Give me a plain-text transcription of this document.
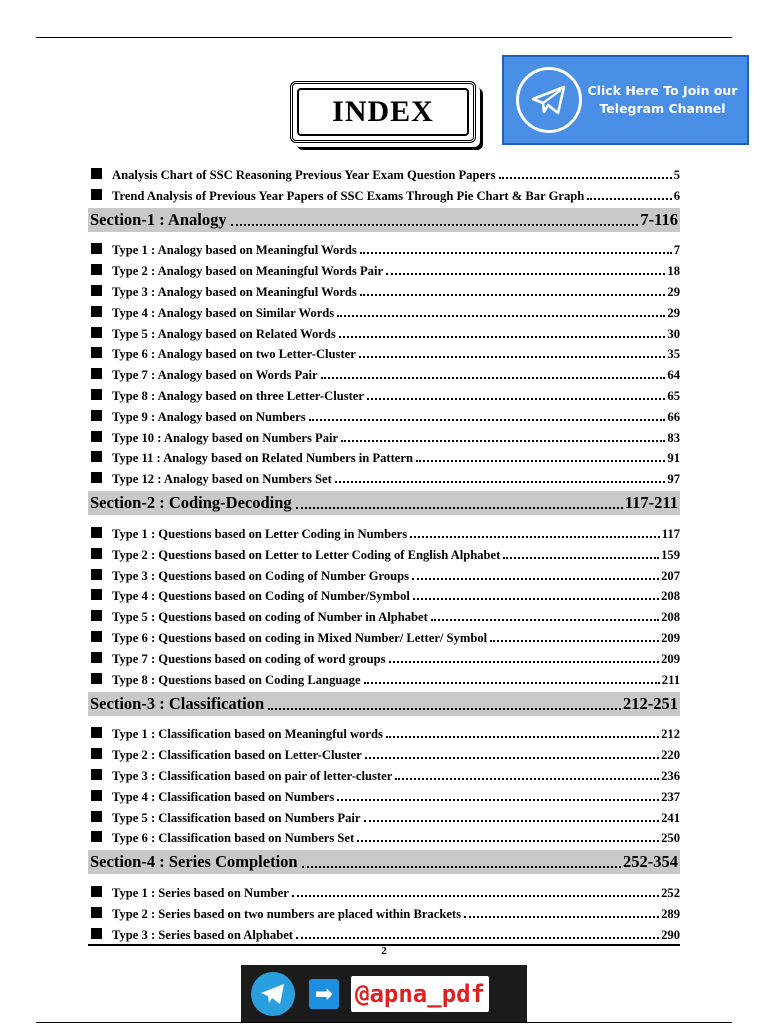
INDEX
Click Here To Join our
Telegram Channel
Analysis Chart of SSC Reasoning Previous Year Exam Question Papers	5
Trend Analysis of Previous Year Papers of SSC Exams Through Pie Chart & Bar Graph	6
Section-1 : Analogy	7-116
Type 1 : Analogy based on Meaningful Words	7
Type 2 : Analogy based on Meaningful Words Pair	18
Type 3 : Analogy based on Meaningful Words	29
Type 4 : Analogy based on Similar Words	29
Type 5 : Analogy based on Related Words	30
Type 6 : Analogy based on two Letter-Cluster	35
Type 7 : Analogy based on Words Pair	64
Type 8 : Analogy based on three Letter-Cluster	65
Type 9 : Analogy based on Numbers	66
Type 10 : Analogy based on Numbers Pair	83
Type 11 : Analogy based on Related Numbers in Pattern	91
Type 12 : Analogy based on Numbers Set	97
Section-2 : Coding-Decoding	117-211
Type 1 : Questions based on Letter Coding in Numbers	117
Type 2 : Questions based on Letter to Letter Coding of English Alphabet	159
Type 3 : Questions based on Coding of Number Groups	207
Type 4 : Questions based on Coding of Number/Symbol	208
Type 5 : Questions based on coding of Number in Alphabet	208
Type 6 : Questions based on coding in Mixed Number/ Letter/ Symbol	209
Type 7 : Questions based on coding of word groups	209
Type 8 : Questions based on Coding Language	211
Section-3 : Classification	212-251
Type 1 : Classification based on Meaningful words	212
Type 2 : Classification based on Letter-Cluster	220
Type 3 : Classification based on pair of letter-cluster	236
Type 4 : Classification based on Numbers	237
Type 5 : Classification based on Numbers Pair	241
Type 6 : Classification based on Numbers Set	250
Section-4 : Series Completion	252-354
Type 1 : Series based on Number	252
Type 2 : Series based on two numbers are placed within Brackets	289
Type 3 : Series based on Alphabet	290
2
➡ @apna_pdf
